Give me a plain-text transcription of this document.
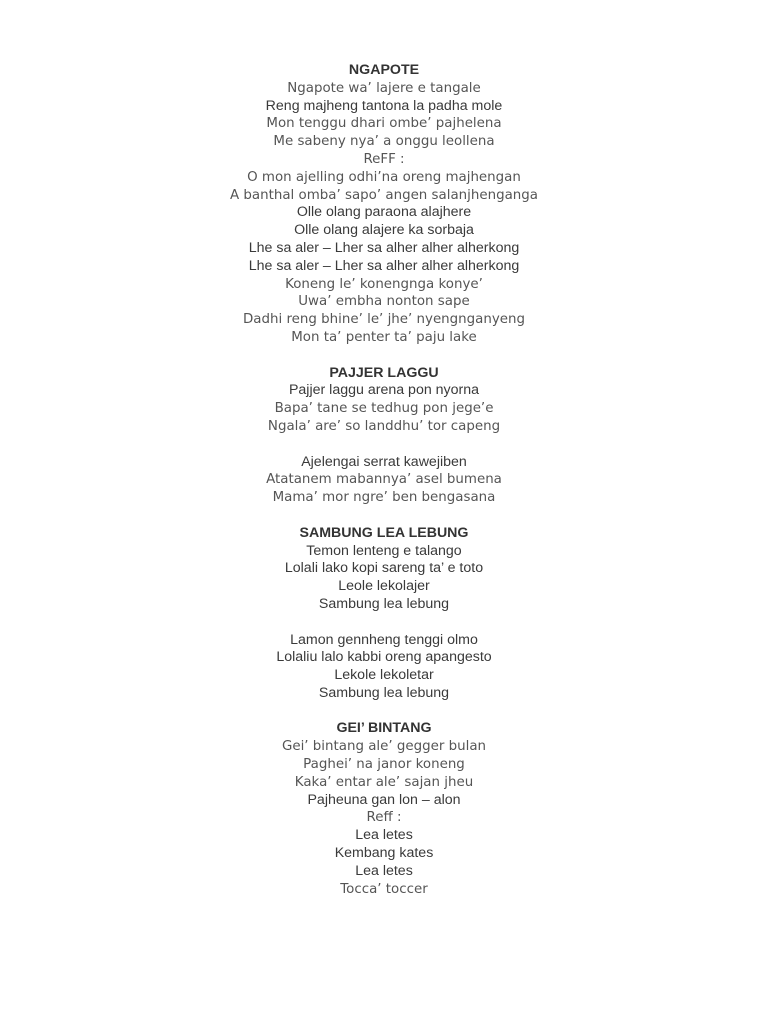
NGAPOTE
Ngapote wa’ lajere e tangale
Reng majheng tantona la padha mole
Mon tenggu dhari ombe’ pajhelena
Me sabeny nya’ a onggu leollena
ReFF :
O mon ajelling odhi’na oreng majhengan
A banthal omba’ sapo’ angen salanjhenganga
Olle olang paraona alajhere
Olle olang alajere ka sorbaja
Lhe sa aler – Lher sa alher alher alherkong
Lhe sa aler – Lher sa alher alher alherkong
Koneng le’ konengnga konye’
Uwa’ embha nonton sape
Dadhi reng bhine’ le’ jhe’ nyengnganyeng
Mon ta’ penter ta’ paju lake
PAJJER LAGGU
Pajjer laggu arena pon nyorna
Bapa’ tane se tedhug pon jege’e
Ngala’ are’ so landdhu’ tor capeng
Ajelengai serrat kawejiben
Atatanem mabannya’ asel bumena
Mama’ mor ngre’ ben bengasana
SAMBUNG LEA LEBUNG
Temon lenteng e talango
Lolali lako kopi sareng ta’ e toto
Leole lekolajer
Sambung lea lebung
Lamon gennheng tenggi olmo
Lolaliu lalo kabbi oreng apangesto
Lekole lekoletar
Sambung lea lebung
GEI’ BINTANG
Gei’ bintang ale’ gegger bulan
Paghei’ na janor koneng
Kaka’ entar ale’ sajan jheu
Pajheuna gan lon – alon
Reff :
Lea letes
Kembang kates
Lea letes
Tocca’ toccer
